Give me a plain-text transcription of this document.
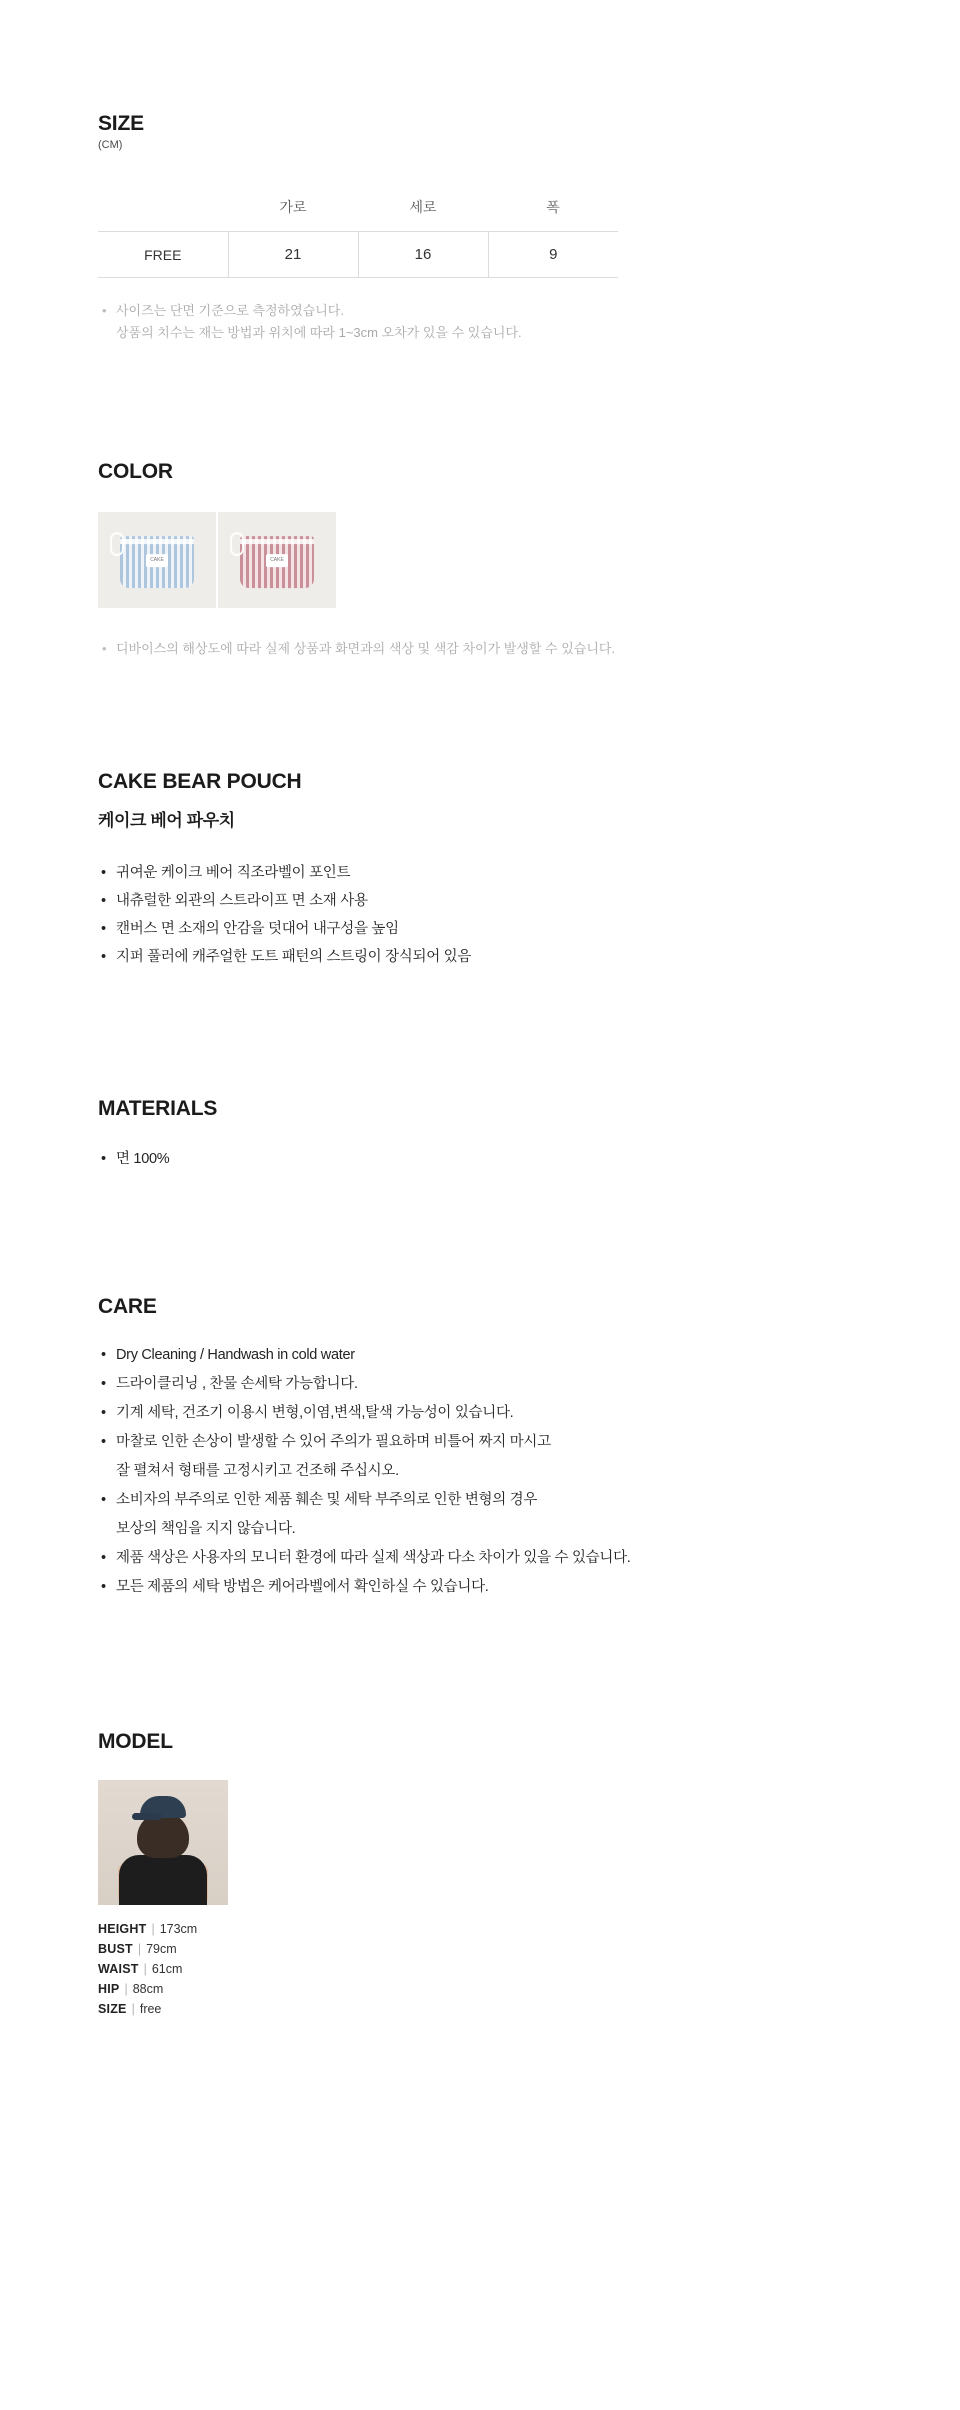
SIZE
(CM)
	가로	세로	폭
FREE	21	16	9
• 사이즈는 단면 기준으로 측정하였습니다.
상품의 치수는 재는 방법과 위치에 따라 1~3cm 오차가 있을 수 있습니다.
COLOR
CAKE	CAKE
• 디바이스의 해상도에 따라 실제 상품과 화면과의 색상 및 색감 차이가 발생할 수 있습니다.
CAKE BEAR POUCH
케이크 베어 파우치
• 귀여운 케이크 베어 직조라벨이 포인트
• 내츄럴한 외관의 스트라이프 면 소재 사용
• 캔버스 면 소재의 안감을 덧대어 내구성을 높임
• 지퍼 풀러에 캐주얼한 도트 패턴의 스트링이 장식되어 있음
MATERIALS
• 면 100%
CARE
• Dry Cleaning / Handwash in cold water
• 드라이클리닝 , 찬물 손세탁 가능합니다.
• 기계 세탁, 건조기 이용시 변형,이염,변색,탈색 가능성이 있습니다.
• 마찰로 인한 손상이 발생할 수 있어 주의가 필요하며 비틀어 짜지 마시고
잘 펼쳐서 형태를 고정시키고 건조해 주십시오.
• 소비자의 부주의로 인한 제품 훼손 및 세탁 부주의로 인한 변형의 경우
보상의 책임을 지지 않습니다.
• 제품 색상은 사용자의 모니터 환경에 따라 실제 색상과 다소 차이가 있을 수 있습니다.
• 모든 제품의 세탁 방법은 케어라벨에서 확인하실 수 있습니다.
MODEL
HEIGHT | 173cm
BUST | 79cm
WAIST | 61cm
HIP | 88cm
SIZE | free
